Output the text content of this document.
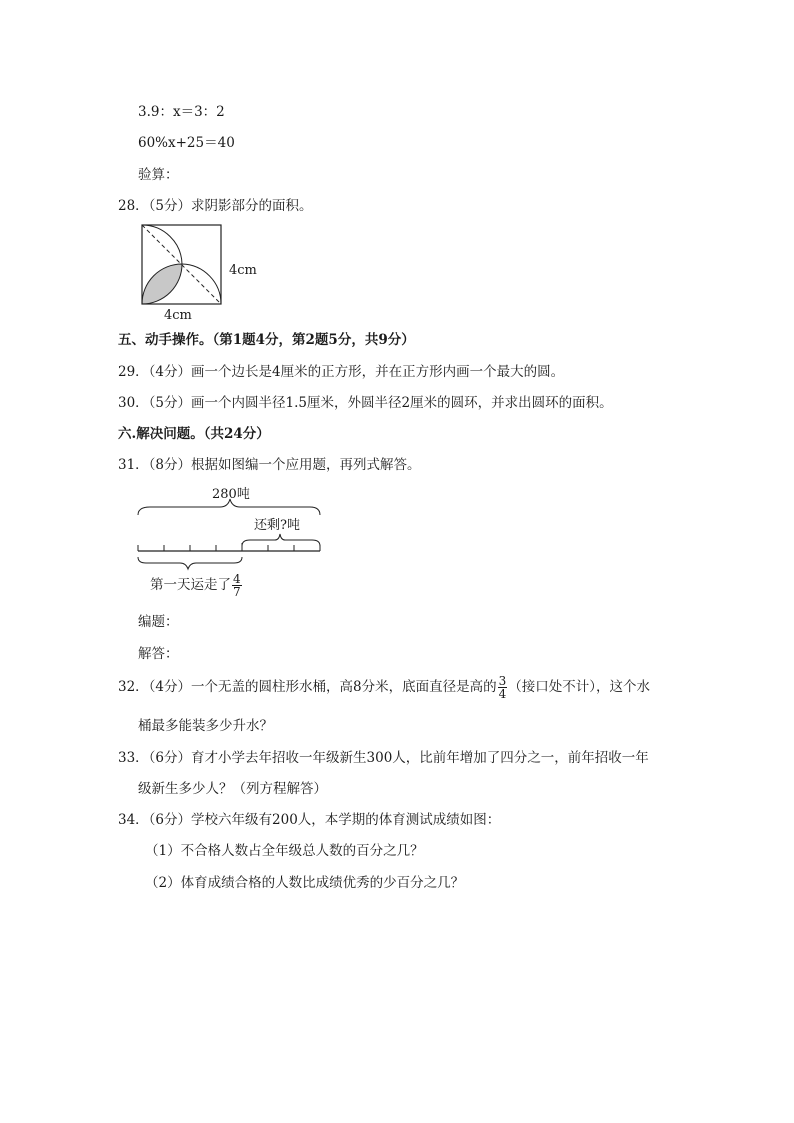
3.9：x＝3：2
60%x+25＝40
验算：
28．（5分）求阴影部分的面积。
4cm
4cm
五、动手操作。（第1题4分，第2题5分，共9分）
29．（4分）画一个边长是4厘米的正方形，并在正方形内画一个最大的圆。
30．（5分）画一个内圆半径1.5厘米，外圆半径2厘米的圆环，并求出圆环的面积。
六.解决问题。（共24分）
31．（8分）根据如图编一个应用题，再列式解答。
280吨
还剩?吨
第一天运走了 $\frac{4}{7}$
编题：
解答：
32．（4分）一个无盖的圆柱形水桶，高8分米，底面直径是高的 $\frac{3}{4}$ （接口处不计），这个水
桶最多能装多少升水？
33．（6分）育才小学去年招收一年级新生300人，比前年增加了四分之一，前年招收一年
级新生多少人？（列方程解答）
34．（6分）学校六年级有200人，本学期的体育测试成绩如图：
（1）不合格人数占全年级总人数的百分之几？
（2）体育成绩合格的人数比成绩优秀的少百分之几？
